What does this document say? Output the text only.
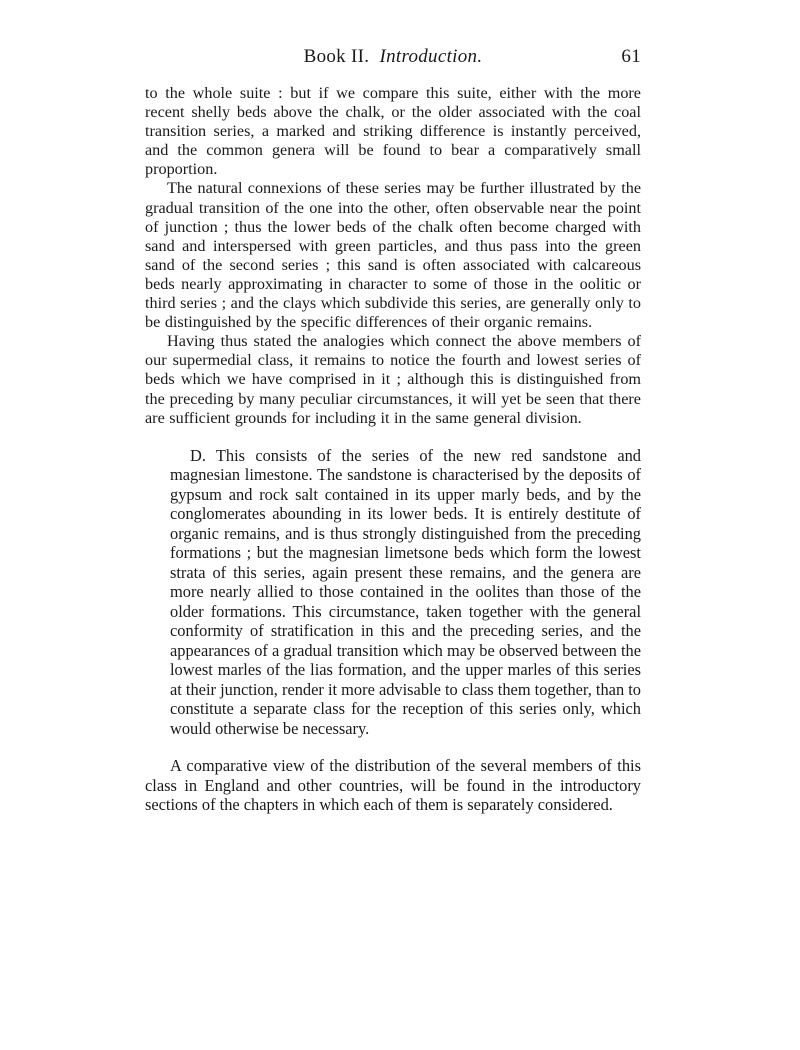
Book II. Introduction.	61

to the whole suite : but if we compare this suite, either with the more recent shelly beds above the chalk, or the older associated with the coal transition series, a marked and striking difference is instantly perceived, and the common genera will be found to bear a comparatively small proportion.

The natural connexions of these series may be further illustrated by the gradual transition of the one into the other, often observable near the point of junction ; thus the lower beds of the chalk often become charged with sand and interspersed with green particles, and thus pass into the green sand of the second series ; this sand is often associated with calcareous beds nearly approximating in character to some of those in the oolitic or third series ; and the clays which subdivide this series, are generally only to be distinguished by the specific differences of their organic remains.

Having thus stated the analogies which connect the above members of our supermedial class, it remains to notice the fourth and lowest series of beds which we have comprised in it ; although this is distinguished from the preceding by many peculiar circumstances, it will yet be seen that there are sufficient grounds for including it in the same general division.

D. This consists of the series of the new red sandstone and magnesian limestone. The sandstone is characterised by the deposits of gypsum and rock salt contained in its upper marly beds, and by the conglomerates abounding in its lower beds. It is entirely destitute of organic remains, and is thus strongly distinguished from the preceding formations ; but the magnesian limetsone beds which form the lowest strata of this series, again present these remains, and the genera are more nearly allied to those contained in the oolites than those of the older formations. This circumstance, taken together with the general conformity of stratification in this and the preceding series, and the appearances of a gradual transition which may be observed between the lowest marles of the lias formation, and the upper marles of this series at their junction, render it more advisable to class them together, than to constitute a separate class for the reception of this series only, which would otherwise be necessary.

A comparative view of the distribution of the several members of this class in England and other countries, will be found in the introductory sections of the chapters in which each of them is separately considered.
